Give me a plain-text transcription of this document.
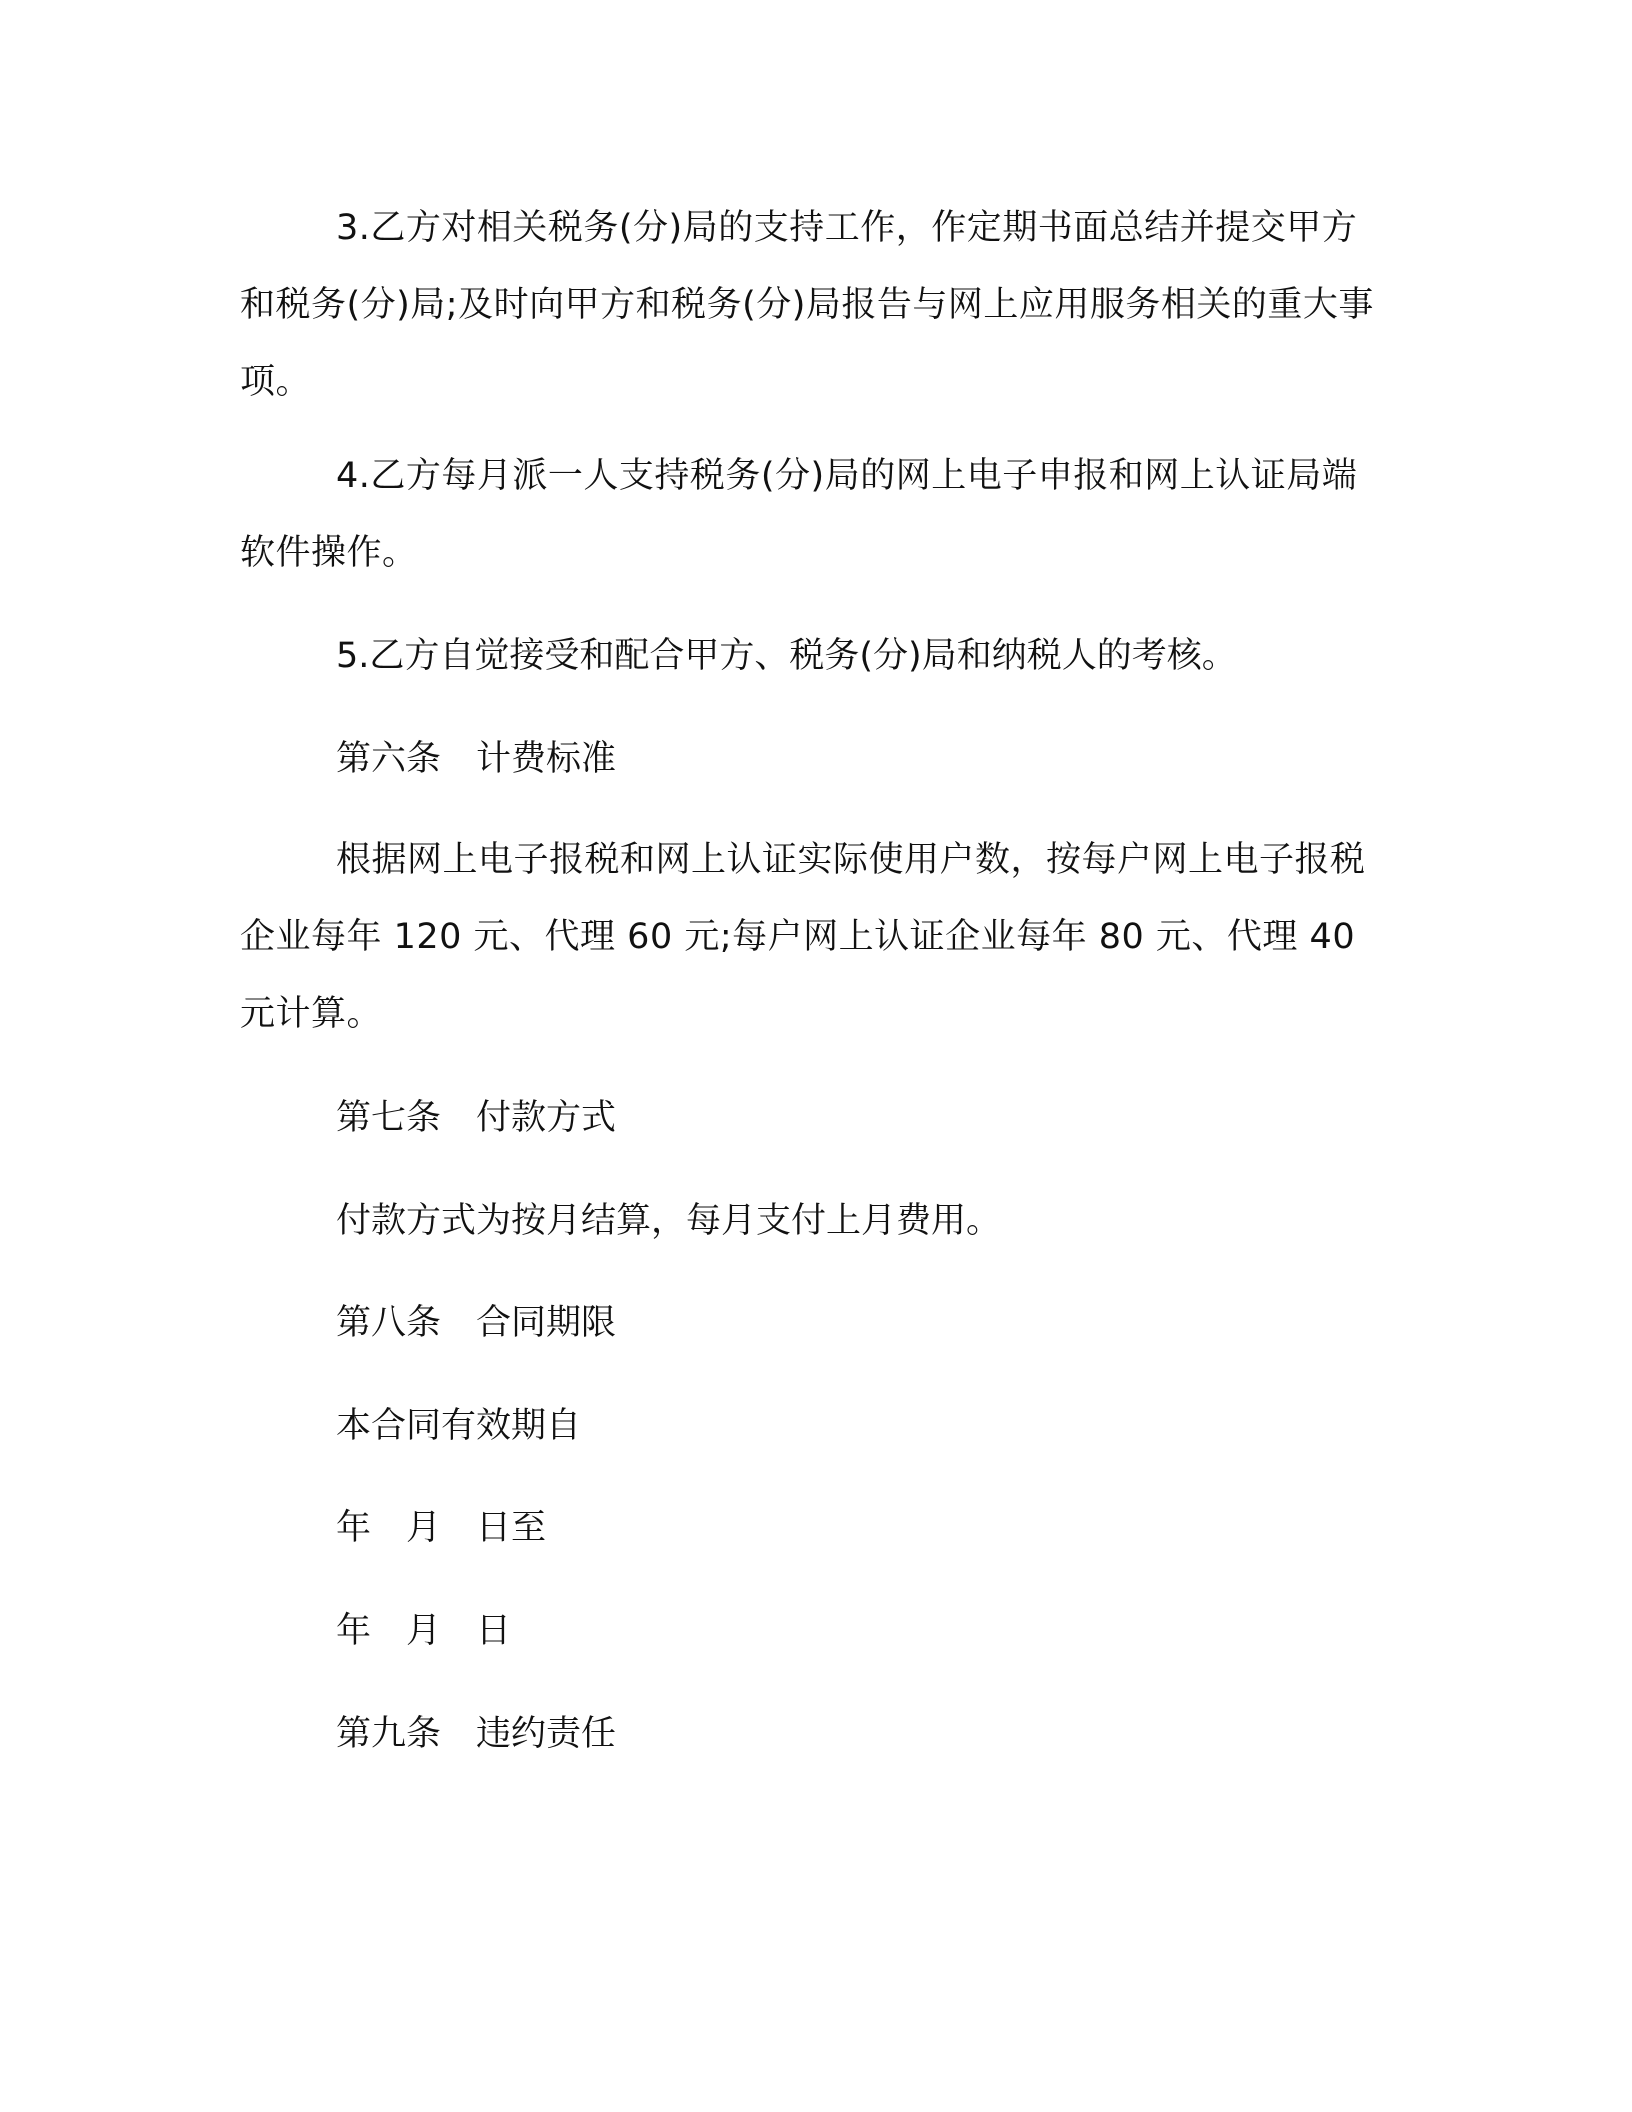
3.乙方对相关税务(分)局的支持工作，作定期书面总结并提交甲方和税务(分)局;及时向甲方和税务(分)局报告与网上应用服务相关的重大事项。

4.乙方每月派一人支持税务(分)局的网上电子申报和网上认证局端软件操作。

5.乙方自觉接受和配合甲方、税务(分)局和纳税人的考核。

第六条　计费标准

根据网上电子报税和网上认证实际使用户数，按每户网上电子报税企业每年 120 元、代理 60 元;每户网上认证企业每年 80 元、代理 40 元计算。

第七条　付款方式

付款方式为按月结算，每月支付上月费用。

第八条　合同期限

本合同有效期自

年　月　日至

年　月　日

第九条　违约责任
